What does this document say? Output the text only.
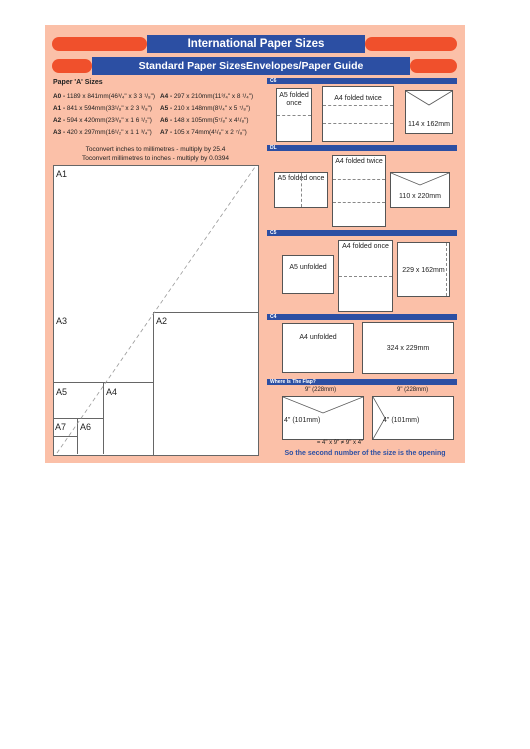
International Paper Sizes
Standard Paper SizesEnvelopes/Paper Guide
Paper 'A' Sizes
A0 - 1189 x 841mm(46³/₄" x 3 3 ¹/₈")
A1 - 841 x 594mm(33¹/₈" x 2 3 ³/₈")
A2 - 594 x 420mm(23³/₈" x 1 6 ¹/₂")
A3 - 420 x 297mm(16¹/₂" x 1 1 ³/₄")
A4 - 297 x 210mm(11³/₄" x 8 ¹/₄")
A5 - 210 x 148mm(8¹/₄" x 5 ⁷/₈")
A6 - 148 x 105mm(5⁷/₈" x 4¹/₈")
A7 - 105 x 74mm(4¹/₈" x 2 ⁷/₈")
Toconvert inches to millimetres - multiply by 25.4
Toconvert millimetres to inches - multiply by 0.0394
A1
A2
A3
A4
A5
A6
A7
C6
A5 folded once
A4 folded twice
114 x 162mm
DL
A5 folded once
A4 folded twice
110 x 220mm
C5
A5 unfolded
A4 folded once
229 x 162mm
C4
A4 unfolded
324 x 229mm
Where Is The Flap?
9" (228mm)	9" (228mm)
4" (101mm)	4" (101mm)
= 4" x 9" ≠ 9" x 4"
So the second number of the size is the opening
